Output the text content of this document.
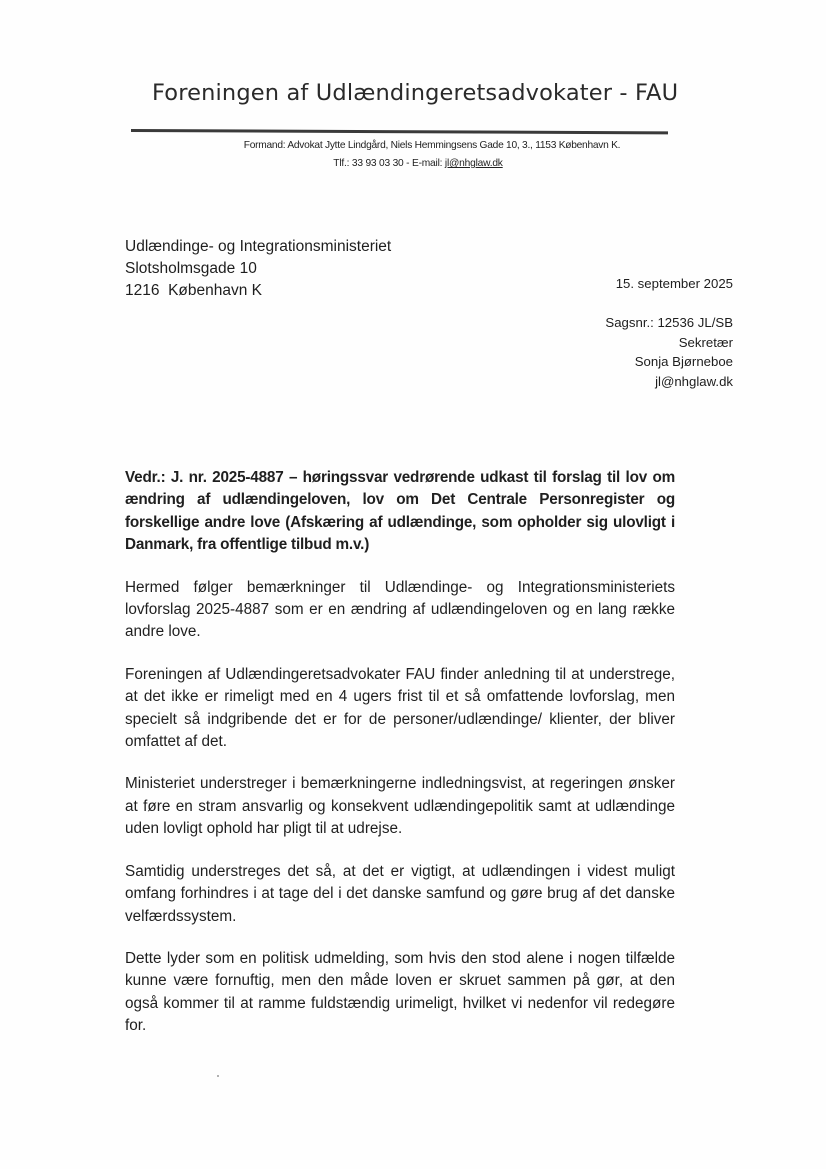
Foreningen af Udlændingeretsadvokater - FAU
Formand: Advokat Jytte Lindgård, Niels Hemmingsens Gade 10, 3., 1153 København K.
Tlf.: 33 93 03 30 - E-mail: jl@nhglaw.dk
Udlændinge- og Integrationsministeriet
Slotsholmsgade 10
1216  København K	15. september 2025
Sagsnr.: 12536 JL/SB
Sekretær
Sonja Bjørneboe
jl@nhglaw.dk

Vedr.: J. nr. 2025-4887 – høringssvar vedrørende udkast til forslag til lov om ændring af udlændingeloven, lov om Det Centrale Personregister og forskellige andre love (Afskæring af udlændinge, som opholder sig ulovligt i Danmark, fra offentlige tilbud m.v.)

Hermed følger bemærkninger til Udlændinge- og Integrationsministeriets lovforslag 2025-4887 som er en ændring af udlændingeloven og en lang række andre love.

Foreningen af Udlændingeretsadvokater FAU finder anledning til at understrege, at det ikke er rimeligt med en 4 ugers frist til et så omfattende lovforslag, men specielt så indgribende det er for de personer/udlændinge/ klienter, der bliver omfattet af det.

Ministeriet understreger i bemærkningerne indledningsvist, at regeringen ønsker at føre en stram ansvarlig og konsekvent udlændingepolitik samt at udlændinge uden lovligt ophold har pligt til at udrejse.

Samtidig understreges det så, at det er vigtigt, at udlændingen i videst muligt omfang forhindres i at tage del i det danske samfund og gøre brug af det danske velfærdssystem.

Dette lyder som en politisk udmelding, som hvis den stod alene i nogen tilfælde kunne være fornuftig, men den måde loven er skruet sammen på gør, at den også kommer til at ramme fuldstændig urimeligt, hvilket vi nedenfor vil redegøre for.
